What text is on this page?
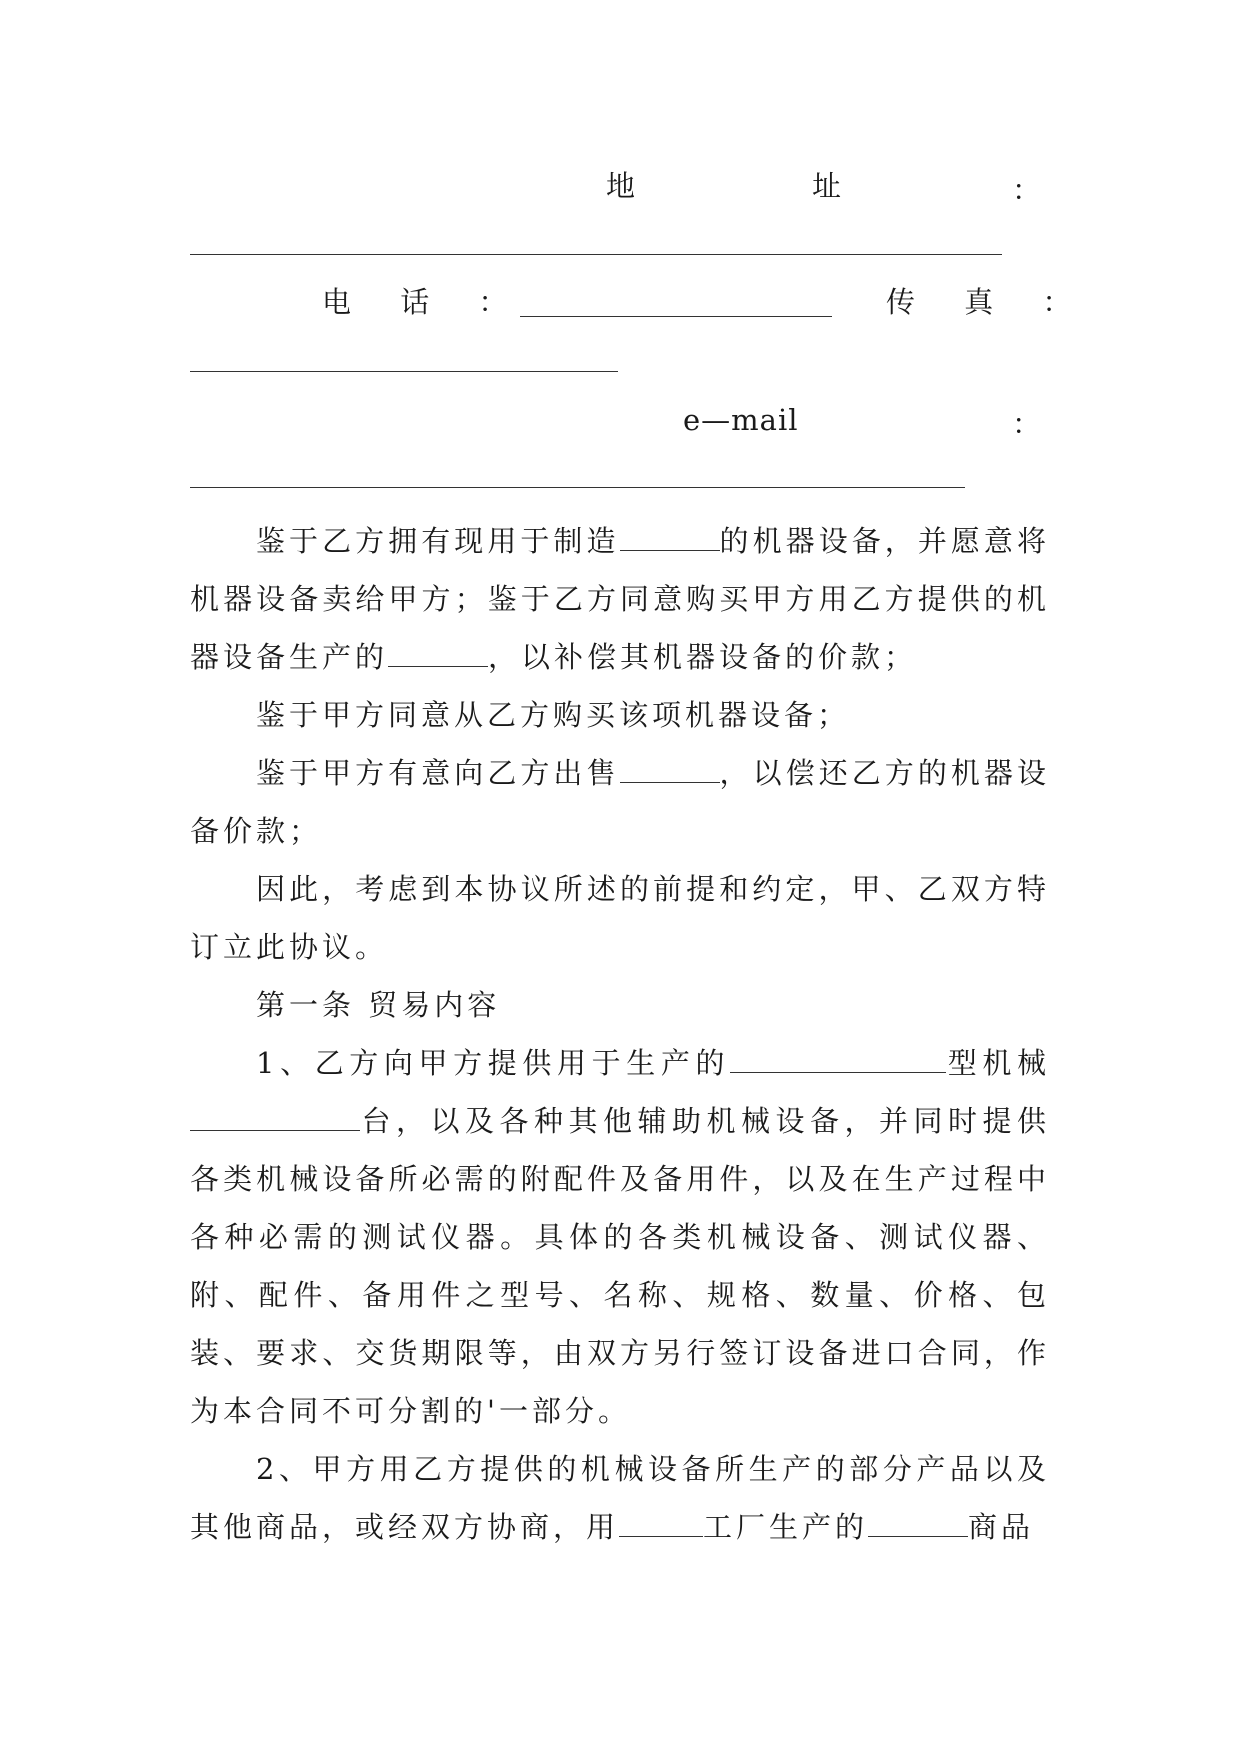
地	址	：
电 话 ：	传 真 ：
e—mail	：
鉴于乙方拥有现用于制造	的机器设备，并愿意将机器设备卖给甲方；鉴于乙方同意购买甲方用乙方提供的机器设备生产的	，以补偿其机器设备的价款；
鉴于甲方同意从乙方购买该项机器设备；
鉴于甲方有意向乙方出售	，以偿还乙方的机器设备价款；
因此，考虑到本协议所述的前提和约定，甲、乙双方特订立此协议。
第一条 贸易内容
1、乙方向甲方提供用于生产的	型机械台，以及各种其他辅助机械设备，并同时提供各类机械设备所必需的附配件及备用件，以及在生产过程中各种必需的测试仪器。具体的各类机械设备、测试仪器、附、配件、备用件之型号、名称、规格、数量、价格、包装、要求、交货期限等，由双方另行签订设备进口合同，作为本合同不可分割的'一部分。
2、甲方用乙方提供的机械设备所生产的部分产品以及其他商品，或经双方协商，用	工厂生产的	商品
